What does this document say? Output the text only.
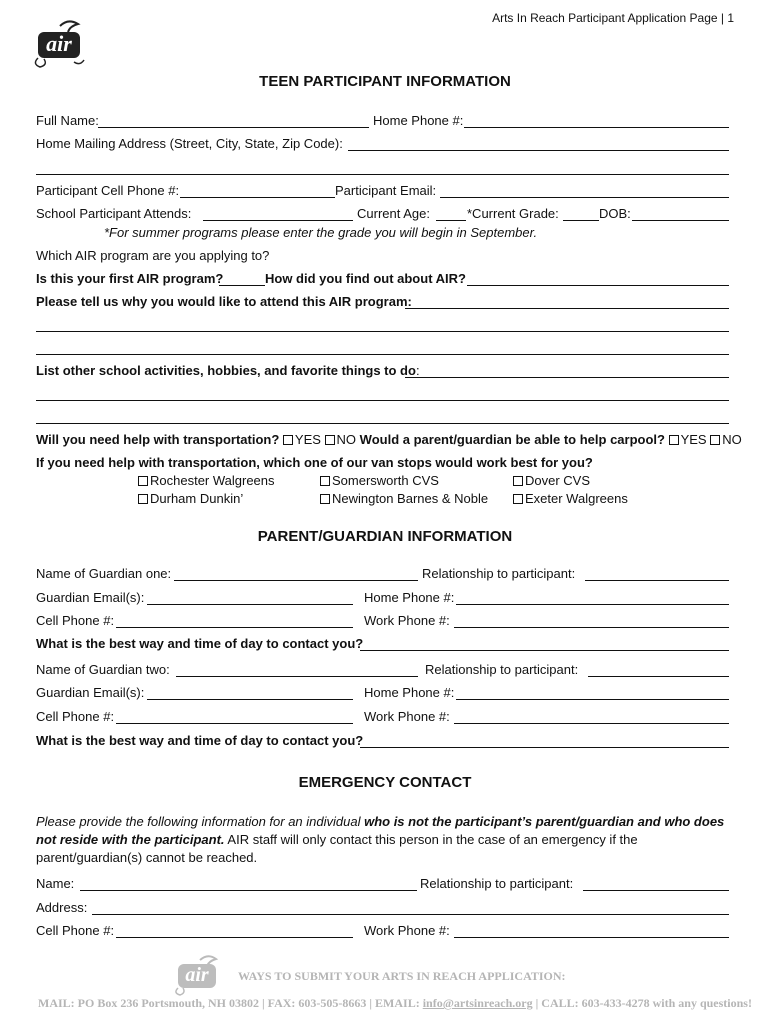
air
Arts In Reach Participant Application Page | 1
TEEN PARTICIPANT INFORMATION
Full Name:	Home Phone #:
Home Mailing Address (Street, City, State, Zip Code):
Participant Cell Phone #:	Participant Email:
School Participant Attends:	Current Age:	*Current Grade:	DOB:
*For summer programs please enter the grade you will begin in September.
Which AIR program are you applying to?
Is this your first AIR program?	How did you find out about AIR?
Please tell us why you would like to attend this AIR program:
List other school activities, hobbies, and favorite things to do:
Will you need help with transportation? YES NO Would a parent/guardian be able to help carpool? YES NO
If you need help with transportation, which one of our van stops would work best for you?
Rochester Walgreens	Somersworth CVS	Dover CVS
Durham Dunkin’	Newington Barnes & Noble	Exeter Walgreens
PARENT/GUARDIAN INFORMATION
Name of Guardian one:	Relationship to participant:
Guardian Email(s):	Home Phone #:
Cell Phone #:	Work Phone #:
What is the best way and time of day to contact you?
Name of Guardian two:	Relationship to participant:
Guardian Email(s):	Home Phone #:
Cell Phone #:	Work Phone #:
What is the best way and time of day to contact you?
EMERGENCY CONTACT
Please provide the following information for an individual who is not the participant’s parent/guardian and who does
not reside with the participant. AIR staff will only contact this person in the case of an emergency if the
parent/guardian(s) cannot be reached.
Name:	Relationship to participant:
Address:
Cell Phone #:	Work Phone #:
air	WAYS TO SUBMIT YOUR ARTS IN REACH APPLICATION:
MAIL: PO Box 236 Portsmouth, NH 03802 | FAX: 603-505-8663 | EMAIL: info@artsinreach.org | CALL: 603-433-4278 with any questions!
